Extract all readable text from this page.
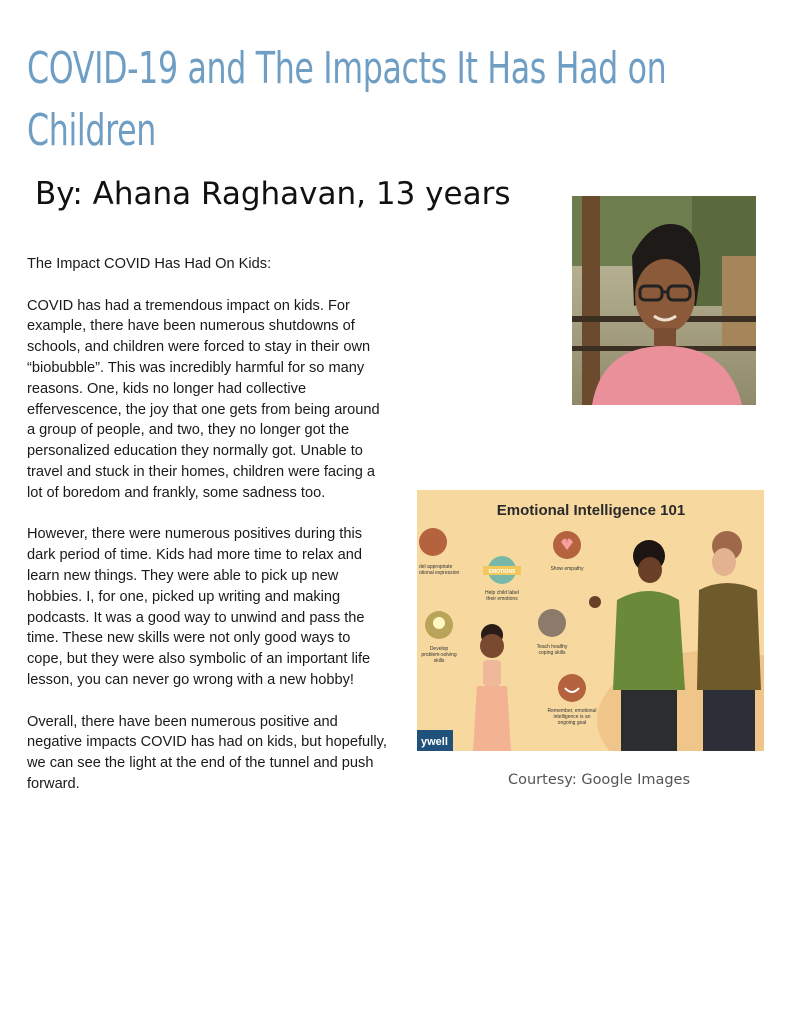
COVID-19 and The Impacts It Has Had on Children
By: Ahana Raghavan, 13 years

The Impact COVID Has Had On Kids:

COVID has had a tremendous impact on kids. For example, there have been numerous shutdowns of schools, and children were forced to stay in their own “biobubble”. This was incredibly harmful for so many reasons. One, kids no longer had collective effervescence, the joy that one gets from being around a group of people, and two, they no longer got the personalized education they normally got. Unable to travel and stuck in their homes, children were facing a lot of boredom and frankly, some sadness too.

However, there were numerous positives during this dark period of time. Kids had more time to relax and learn new things. They were able to pick up new hobbies. I, for one, picked up writing and making podcasts. It was a good way to unwind and pass the time. These new skills were not only good ways to cope, but they were also symbolic of an important life lesson, you can never go wrong with a new hobby!

Overall, there have been numerous positive and negative impacts COVID has had on kids, but hopefully, we can see the light at the end of the tunnel and push forward.

Emotional Intelligence 101
del appropriate
otional expression	EMOTIONS
Help child label
their emotions
Show empathy
Develop
problem-solving
skills
Teach healthy
coping skills
Remember, emotional
intelligence is an
ongoing goal
ywell
Courtesy: Google Images
